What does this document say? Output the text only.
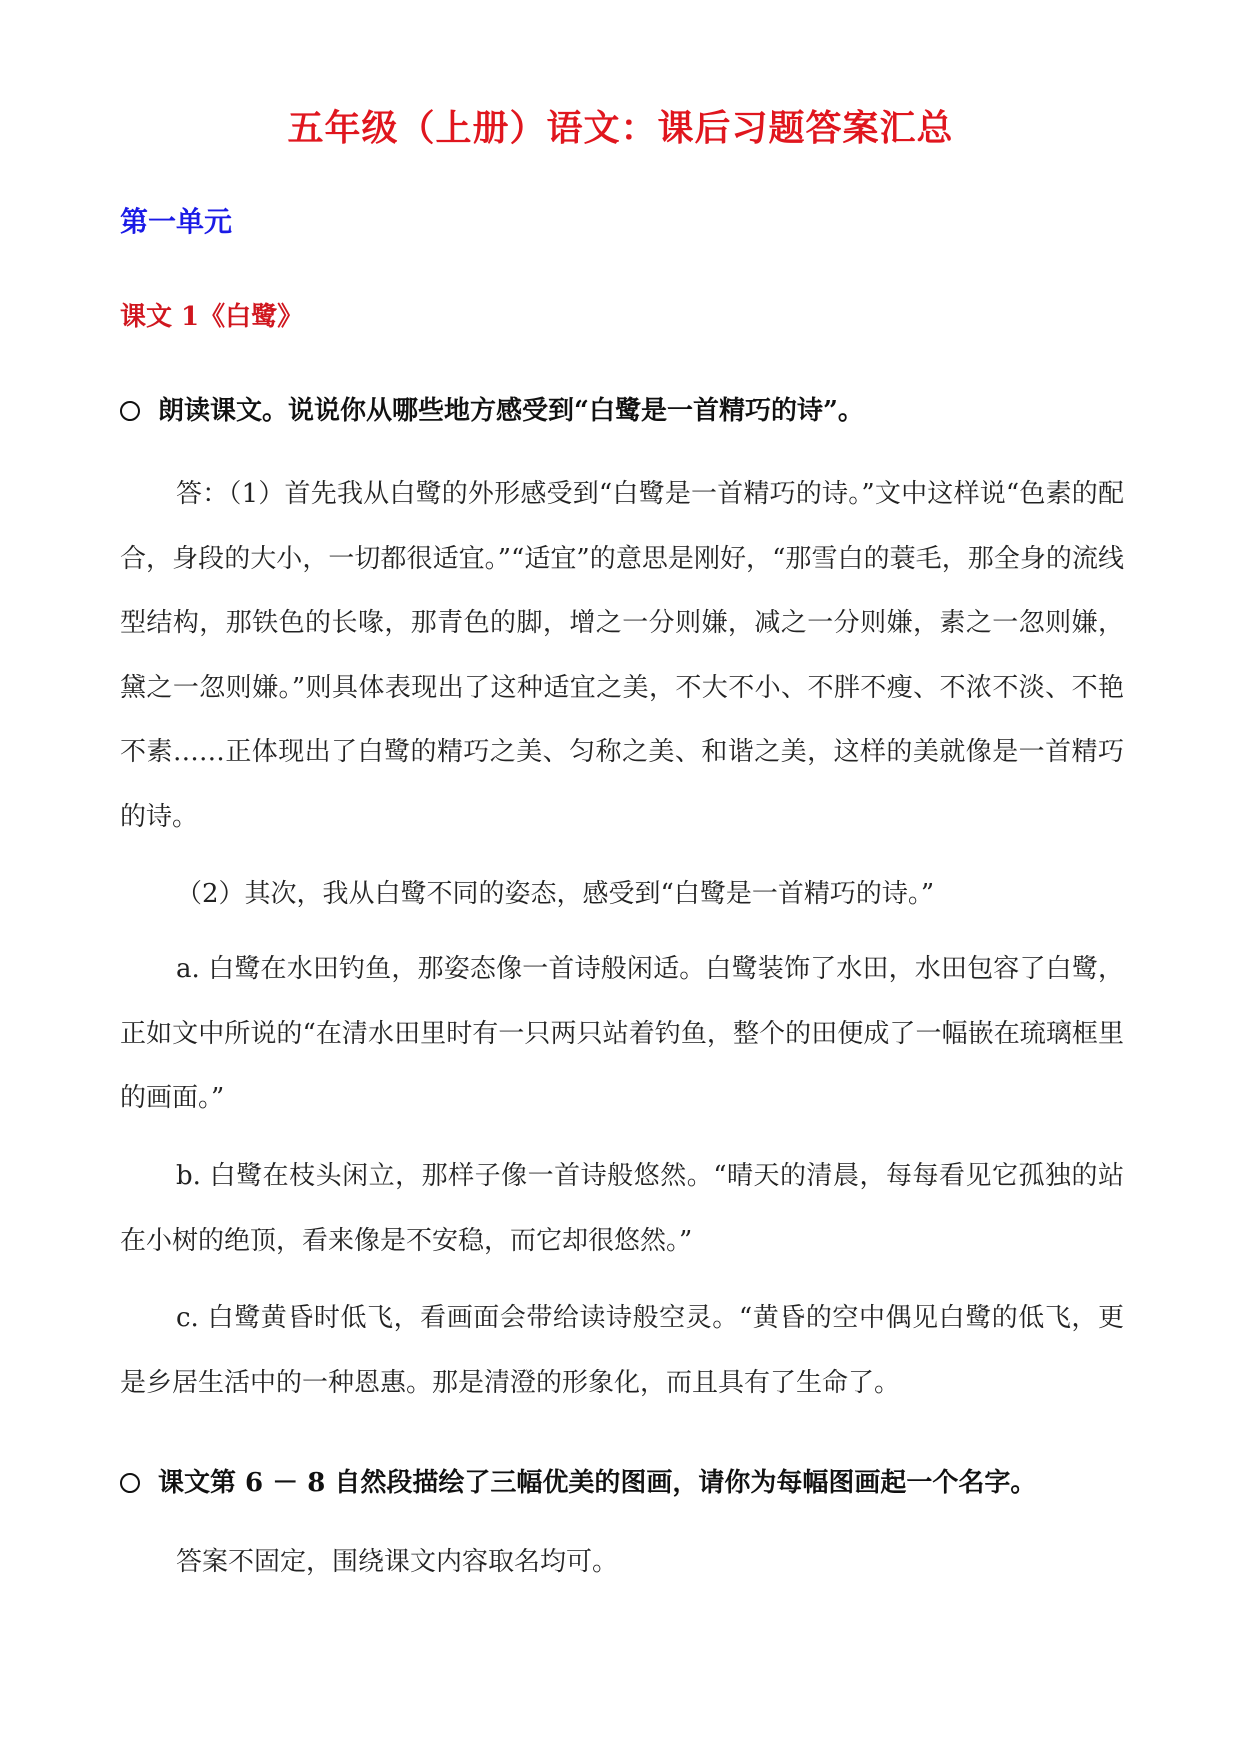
五年级（上册）语文：课后习题答案汇总
第一单元
课文 1《白鹭》
朗读课文。说说你从哪些地方感受到“白鹭是一首精巧的诗”。
答：（1）首先我从白鹭的外形感受到“白鹭是一首精巧的诗。”文中这样说“色素的配合，身段的大小，一切都很适宜。”“适宜”的意思是刚好，“那雪白的蓑毛，那全身的流线型结构，那铁色的长喙，那青色的脚，增之一分则嫌，减之一分则嫌，素之一忽则嫌，黛之一忽则嫌。”则具体表现出了这种适宜之美，不大不小、不胖不瘦、不浓不淡、不艳不素……正体现出了白鹭的精巧之美、匀称之美、和谐之美，这样的美就像是一首精巧的诗。
（2）其次，我从白鹭不同的姿态，感受到“白鹭是一首精巧的诗。”
a. 白鹭在水田钓鱼，那姿态像一首诗般闲适。白鹭装饰了水田，水田包容了白鹭，正如文中所说的“在清水田里时有一只两只站着钓鱼，整个的田便成了一幅嵌在琉璃框里的画面。”
b. 白鹭在枝头闲立，那样子像一首诗般悠然。“晴天的清晨，每每看见它孤独的站在小树的绝顶，看来像是不安稳，而它却很悠然。”
c. 白鹭黄昏时低飞，看画面会带给读诗般空灵。“黄昏的空中偶见白鹭的低飞，更是乡居生活中的一种恩惠。那是清澄的形象化，而且具有了生命了。
课文第 6 － 8 自然段描绘了三幅优美的图画，请你为每幅图画起一个名字。
答案不固定，围绕课文内容取名均可。
